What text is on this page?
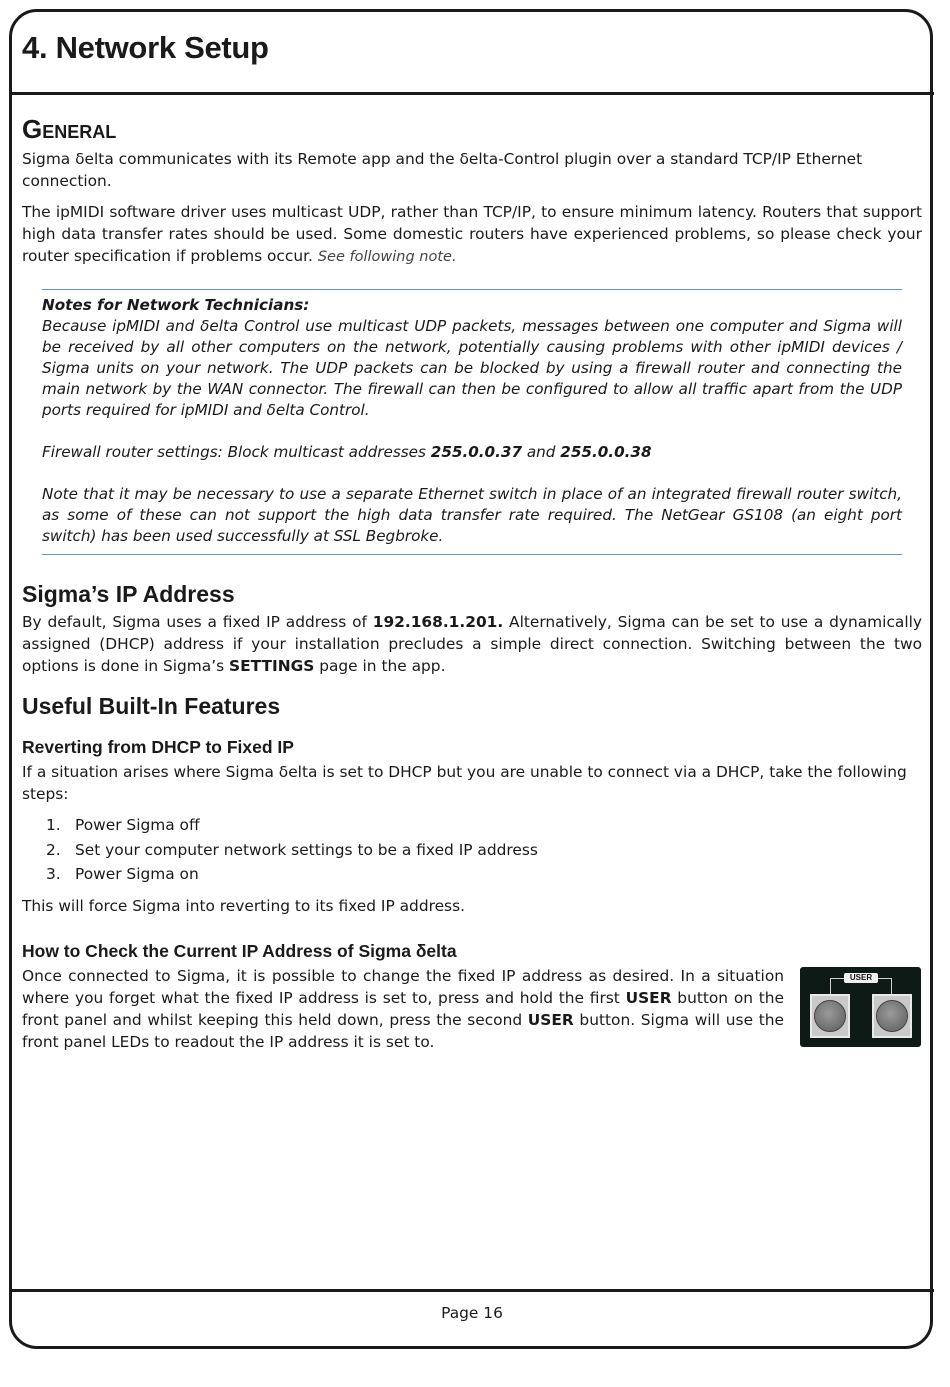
4. Network Setup
General

Sigma δelta communicates with its Remote app and the δelta-Control plugin over a standard TCP/IP Ethernet connection.

The ipMIDI software driver uses multicast UDP, rather than TCP/IP, to ensure minimum latency. Routers that support high data transfer rates should be used. Some domestic routers have experienced problems, so please check your router specification if problems occur. See following note.

Notes for Network Technicians:

Because ipMIDI and δelta Control use multicast UDP packets, messages between one computer and Sigma will be received by all other computers on the network, potentially causing problems with other ipMIDI devices / Sigma units on your network. The UDP packets can be blocked by using a firewall router and connecting the main network by the WAN connector. The firewall can then be configured to allow all traffic apart from the UDP ports required for ipMIDI and δelta Control.

Firewall router settings: Block multicast addresses 255.0.0.37 and 255.0.0.38

Note that it may be necessary to use a separate Ethernet switch in place of an integrated firewall router switch, as some of these can not support the high data transfer rate required. The NetGear GS108 (an eight port switch) has been used successfully at SSL Begbroke.

Sigma’s IP Address

By default, Sigma uses a fixed IP address of 192.168.1.201. Alternatively, Sigma can be set to use a dynamically assigned (DHCP) address if your installation precludes a simple direct connection. Switching between the two options is done in Sigma’s SETTINGS page in the app.

Useful Built-In Features
Reverting from DHCP to Fixed IP

If a situation arises where Sigma δelta is set to DHCP but you are unable to connect via a DHCP, take the following steps:

1. Power Sigma off
2. Set your computer network settings to be a fixed IP address
3. Power Sigma on

This will force Sigma into reverting to its fixed IP address.

How to Check the Current IP Address of Sigma δelta

Once connected to Sigma, it is possible to change the fixed IP address as desired. In a situation where you forget what the fixed IP address is set to, press and hold the first USER button on the front panel and whilst keeping this held down, press the second USER button. Sigma will use the front panel LEDs to readout the IP address it is set to.

USER
Page 16
